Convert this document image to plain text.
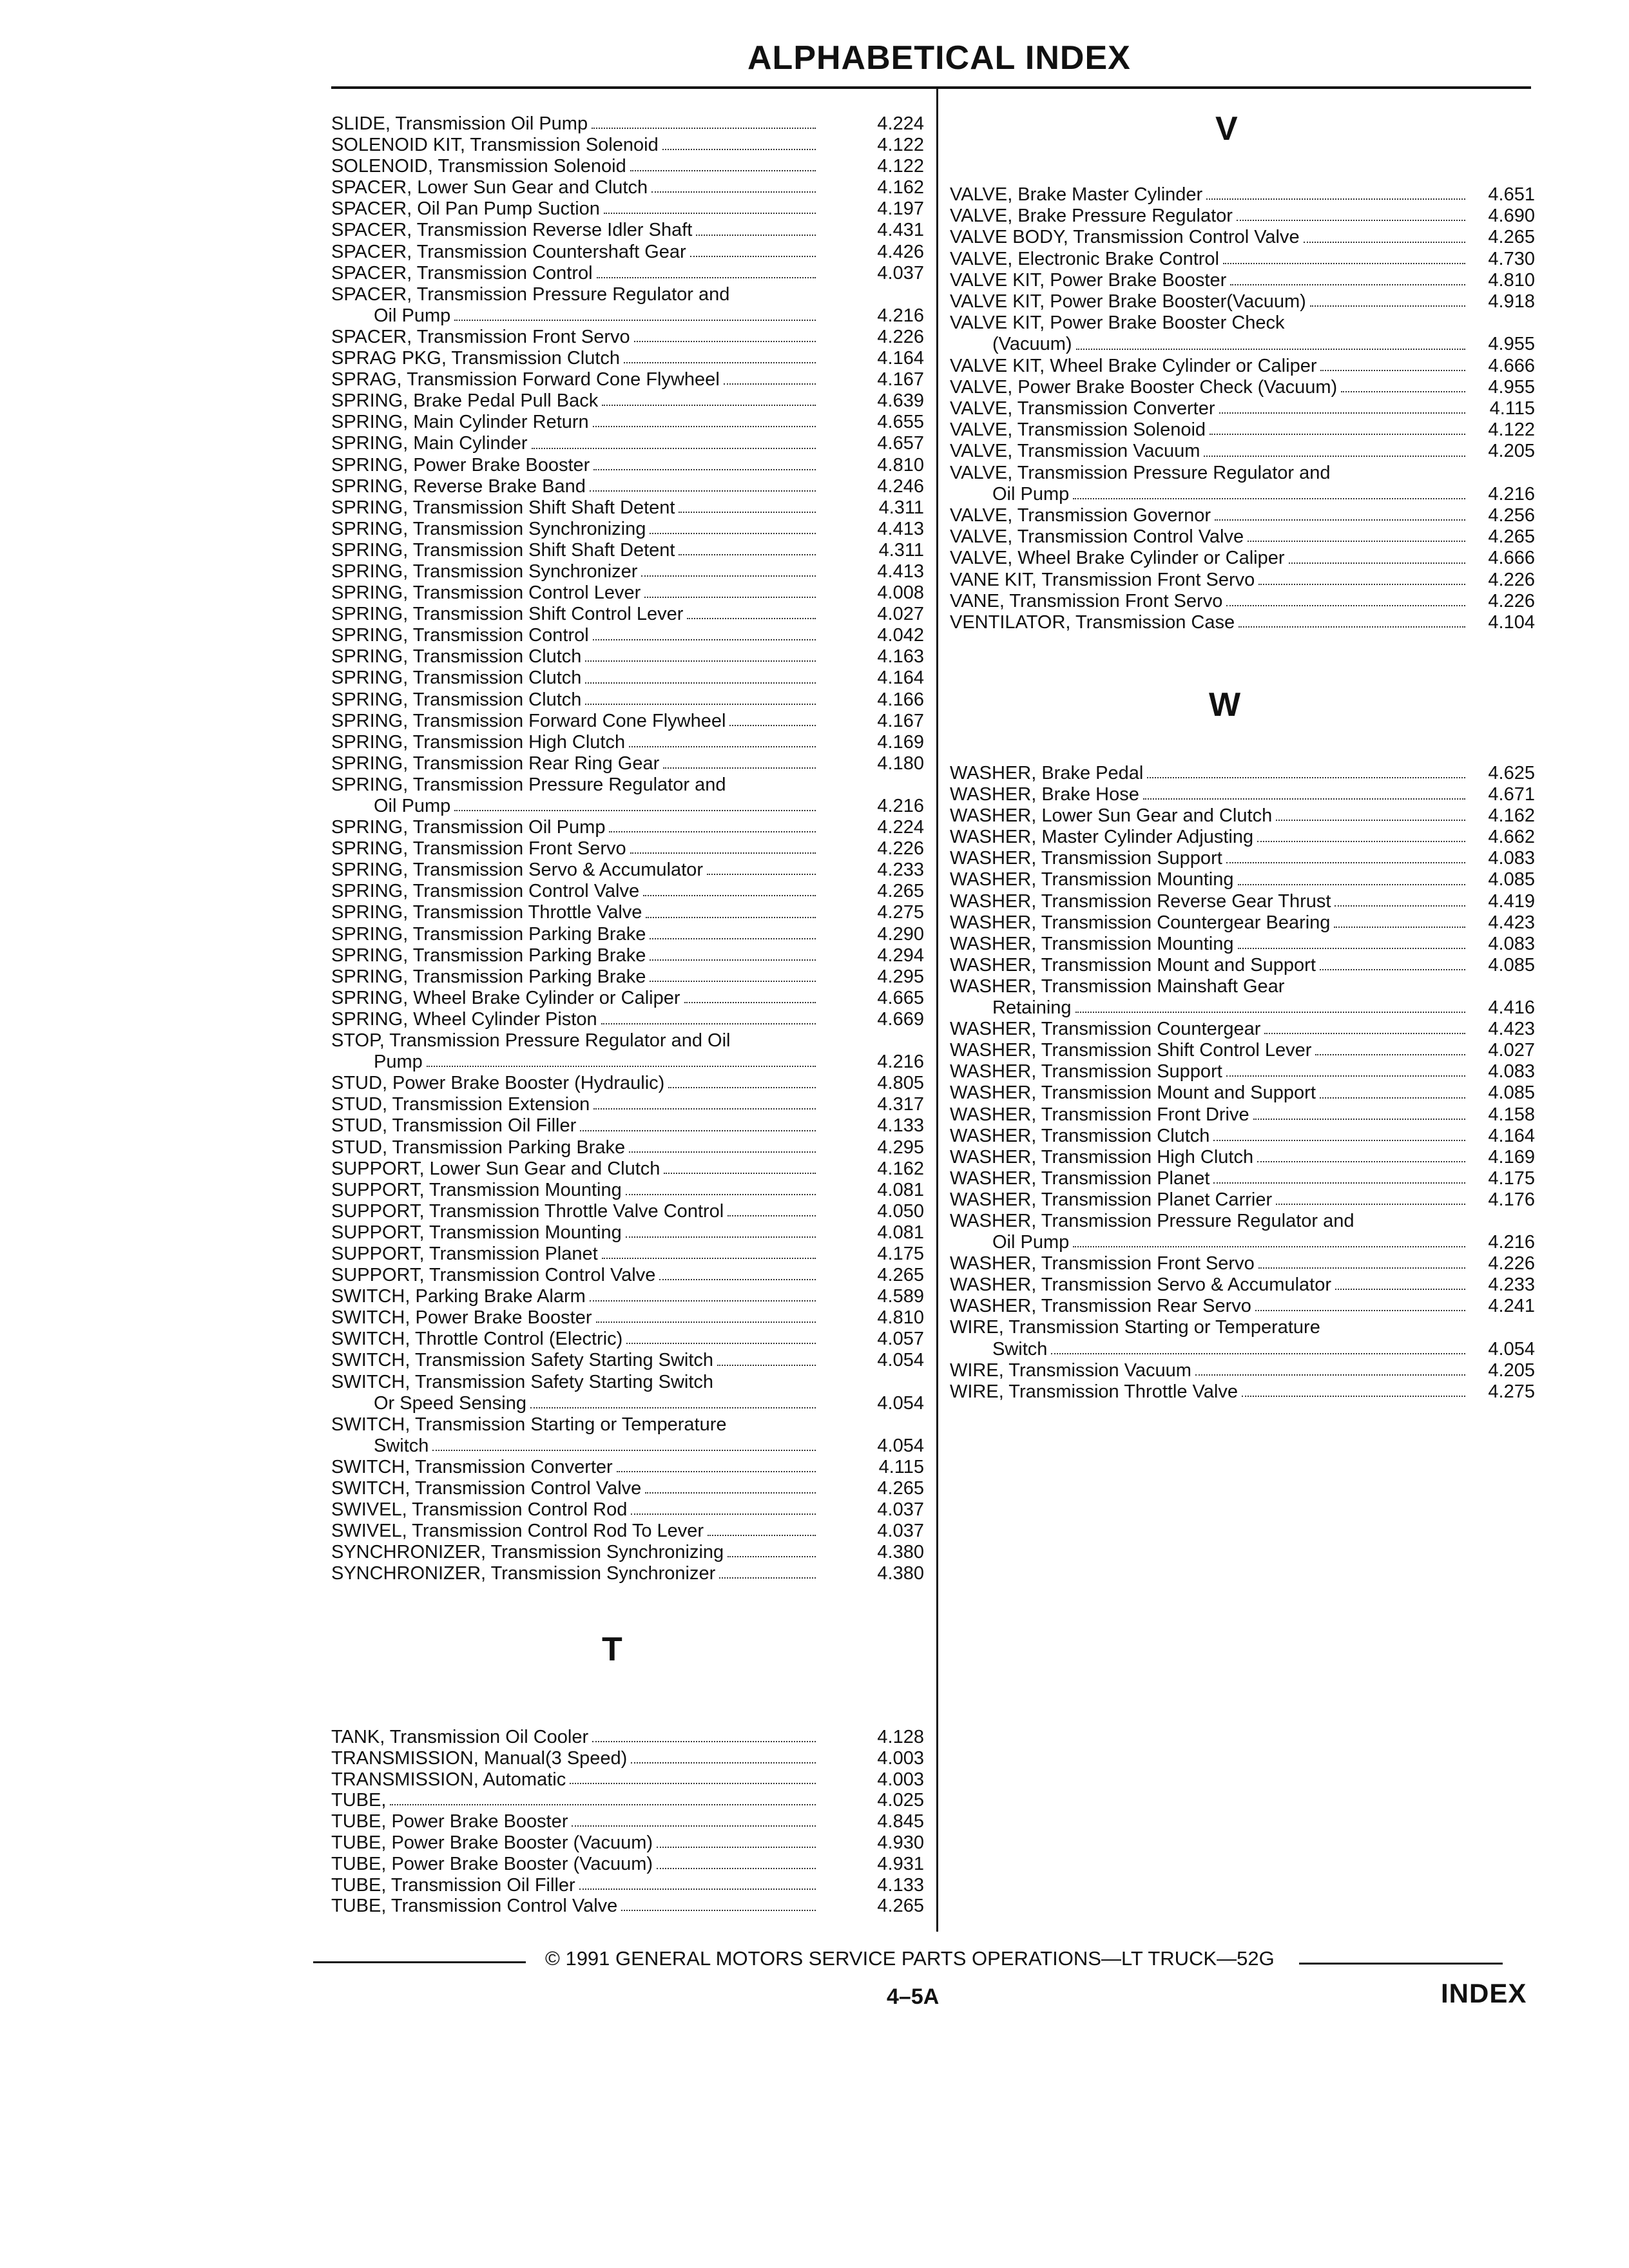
ALPHABETICAL INDEX
SLIDE, Transmission Oil Pump	4.224
SOLENOID KIT, Transmission Solenoid	4.122
SOLENOID, Transmission Solenoid	4.122
SPACER, Lower Sun Gear and Clutch	4.162
SPACER, Oil Pan Pump Suction	4.197
SPACER, Transmission Reverse Idler Shaft	4.431
SPACER, Transmission Countershaft Gear	4.426
SPACER, Transmission Control	4.037
SPACER, Transmission Pressure Regulator and
Oil Pump	4.216
SPACER, Transmission Front Servo	4.226
SPRAG PKG, Transmission Clutch	4.164
SPRAG, Transmission Forward Cone Flywheel	4.167
SPRING, Brake Pedal Pull Back	4.639
SPRING, Main Cylinder Return	4.655
SPRING, Main Cylinder	4.657
SPRING, Power Brake Booster	4.810
SPRING, Reverse Brake Band	4.246
SPRING, Transmission Shift Shaft Detent	4.311
SPRING, Transmission Synchronizing	4.413
SPRING, Transmission Shift Shaft Detent	4.311
SPRING, Transmission Synchronizer	4.413
SPRING, Transmission Control Lever	4.008
SPRING, Transmission Shift Control Lever	4.027
SPRING, Transmission Control	4.042
SPRING, Transmission Clutch	4.163
SPRING, Transmission Clutch	4.164
SPRING, Transmission Clutch	4.166
SPRING, Transmission Forward Cone Flywheel	4.167
SPRING, Transmission High Clutch	4.169
SPRING, Transmission Rear Ring Gear	4.180
SPRING, Transmission Pressure Regulator and
Oil Pump	4.216
SPRING, Transmission Oil Pump	4.224
SPRING, Transmission Front Servo	4.226
SPRING, Transmission Servo & Accumulator	4.233
SPRING, Transmission Control Valve	4.265
SPRING, Transmission Throttle Valve	4.275
SPRING, Transmission Parking Brake	4.290
SPRING, Transmission Parking Brake	4.294
SPRING, Transmission Parking Brake	4.295
SPRING, Wheel Brake Cylinder or Caliper	4.665
SPRING, Wheel Cylinder Piston	4.669
STOP, Transmission Pressure Regulator and Oil
Pump	4.216
STUD, Power Brake Booster (Hydraulic)	4.805
STUD, Transmission Extension	4.317
STUD, Transmission Oil Filler	4.133
STUD, Transmission Parking Brake	4.295
SUPPORT, Lower Sun Gear and Clutch	4.162
SUPPORT, Transmission Mounting	4.081
SUPPORT, Transmission Throttle Valve Control	4.050
SUPPORT, Transmission Mounting	4.081
SUPPORT, Transmission Planet	4.175
SUPPORT, Transmission Control Valve	4.265
SWITCH, Parking Brake Alarm	4.589
SWITCH, Power Brake Booster	4.810
SWITCH, Throttle Control (Electric)	4.057
SWITCH, Transmission Safety Starting Switch	4.054
SWITCH, Transmission Safety Starting Switch
Or Speed Sensing	4.054
SWITCH, Transmission Starting or Temperature
Switch	4.054
SWITCH, Transmission Converter	4.115
SWITCH, Transmission Control Valve	4.265
SWIVEL, Transmission Control Rod	4.037
SWIVEL, Transmission Control Rod To Lever	4.037
SYNCHRONIZER, Transmission Synchronizing	4.380
SYNCHRONIZER, Transmission Synchronizer	4.380
T
TANK, Transmission Oil Cooler	4.128
TRANSMISSION, Manual(3 Speed)	4.003
TRANSMISSION, Automatic	4.003
TUBE,	4.025
TUBE, Power Brake Booster	4.845
TUBE, Power Brake Booster (Vacuum)	4.930
TUBE, Power Brake Booster (Vacuum)	4.931
TUBE, Transmission Oil Filler	4.133
TUBE, Transmission Control Valve	4.265
V
VALVE, Brake Master Cylinder	4.651
VALVE, Brake Pressure Regulator	4.690
VALVE BODY, Transmission Control Valve	4.265
VALVE, Electronic Brake Control	4.730
VALVE KIT, Power Brake Booster	4.810
VALVE KIT, Power Brake Booster(Vacuum)	4.918
VALVE KIT, Power Brake Booster Check
(Vacuum)	4.955
VALVE KIT, Wheel Brake Cylinder or Caliper	4.666
VALVE, Power Brake Booster Check (Vacuum)	4.955
VALVE, Transmission Converter	4.115
VALVE, Transmission Solenoid	4.122
VALVE, Transmission Vacuum	4.205
VALVE, Transmission Pressure Regulator and
Oil Pump	4.216
VALVE, Transmission Governor	4.256
VALVE, Transmission Control Valve	4.265
VALVE, Wheel Brake Cylinder or Caliper	4.666
VANE KIT, Transmission Front Servo	4.226
VANE, Transmission Front Servo	4.226
VENTILATOR, Transmission Case	4.104
W
WASHER, Brake Pedal	4.625
WASHER, Brake Hose	4.671
WASHER, Lower Sun Gear and Clutch	4.162
WASHER, Master Cylinder Adjusting	4.662
WASHER, Transmission Support	4.083
WASHER, Transmission Mounting	4.085
WASHER, Transmission Reverse Gear Thrust	4.419
WASHER, Transmission Countergear Bearing	4.423
WASHER, Transmission Mounting	4.083
WASHER, Transmission Mount and Support	4.085
WASHER, Transmission Mainshaft Gear
Retaining	4.416
WASHER, Transmission Countergear	4.423
WASHER, Transmission Shift Control Lever	4.027
WASHER, Transmission Support	4.083
WASHER, Transmission Mount and Support	4.085
WASHER, Transmission Front Drive	4.158
WASHER, Transmission Clutch	4.164
WASHER, Transmission High Clutch	4.169
WASHER, Transmission Planet	4.175
WASHER, Transmission Planet Carrier	4.176
WASHER, Transmission Pressure Regulator and
Oil Pump	4.216
WASHER, Transmission Front Servo	4.226
WASHER, Transmission Servo & Accumulator	4.233
WASHER, Transmission Rear Servo	4.241
WIRE, Transmission Starting or Temperature
Switch	4.054
WIRE, Transmission Vacuum	4.205
WIRE, Transmission Throttle Valve	4.275
© 1991 GENERAL MOTORS SERVICE PARTS OPERATIONS—LT TRUCK—52G
4–5A	INDEX
